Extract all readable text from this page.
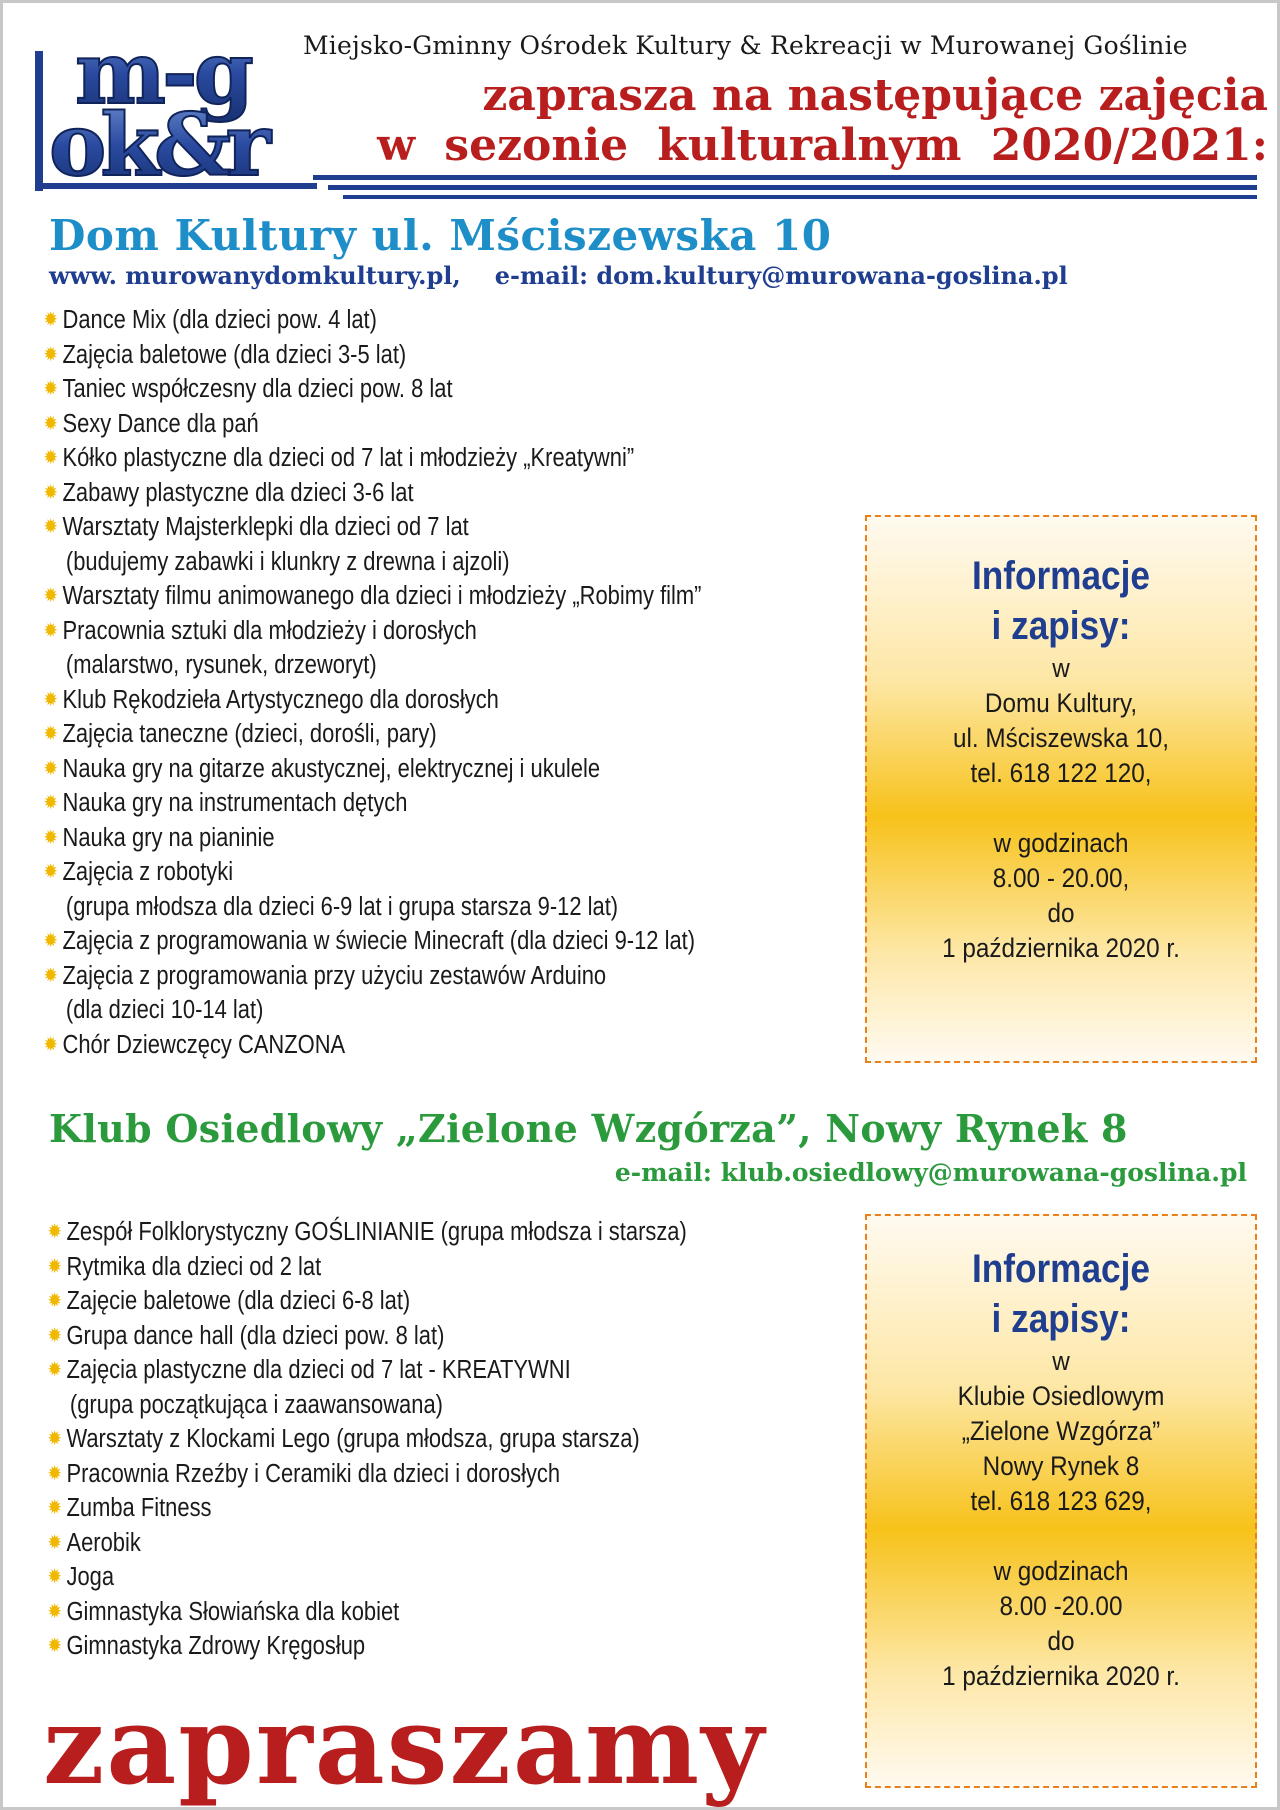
m-g
ok&r
Miejsko-Gminny Ośrodek Kultury & Rekreacji w Murowanej Goślinie
zaprasza na następujące zajęcia
w sezonie kulturalnym 2020/2021:
Dom Kultury ul. Mściszewska 10
www. murowanydomkultury.pl, e-mail: dom.kultury@murowana-goslina.pl
✹ Dance Mix (dla dzieci pow. 4 lat)
✹ Zajęcia baletowe (dla dzieci 3-5 lat)
✹ Taniec współczesny dla dzieci pow. 8 lat
✹ Sexy Dance dla pań
✹ Kółko plastyczne dla dzieci od 7 lat i młodzieży „Kreatywni”
✹ Zabawy plastyczne dla dzieci 3-6 lat
✹ Warsztaty Majsterklepki dla dzieci od 7 lat
(budujemy zabawki i klunkry z drewna i ajzoli)
✹ Warsztaty filmu animowanego dla dzieci i młodzieży „Robimy film”
✹ Pracownia sztuki dla młodzieży i dorosłych
(malarstwo, rysunek, drzeworyt)
✹ Klub Rękodzieła Artystycznego dla dorosłych
✹ Zajęcia taneczne (dzieci, dorośli, pary)
✹ Nauka gry na gitarze akustycznej, elektrycznej i ukulele
✹ Nauka gry na instrumentach dętych
✹ Nauka gry na pianinie
✹ Zajęcia z robotyki
(grupa młodsza dla dzieci 6-9 lat i grupa starsza 9-12 lat)
✹ Zajęcia z programowania w świecie Minecraft (dla dzieci 9-12 lat)
✹ Zajęcia z programowania przy użyciu zestawów Arduino
(dla dzieci 10-14 lat)
✹ Chór Dziewczęcy CANZONA
Informacje
i zapisy:
w
Domu Kultury,
ul. Mściszewska 10,
tel. 618 122 120,

w godzinach
8.00 - 20.00,
do
1 października 2020 r.
Klub Osiedlowy „Zielone Wzgórza”, Nowy Rynek 8
e-mail: klub.osiedlowy@murowana-goslina.pl
✹ Zespół Folklorystyczny GOŚLINIANIE (grupa młodsza i starsza)
✹ Rytmika dla dzieci od 2 lat
✹ Zajęcie baletowe (dla dzieci 6-8 lat)
✹ Grupa dance hall (dla dzieci pow. 8 lat)
✹ Zajęcia plastyczne dla dzieci od 7 lat - KREATYWNI
(grupa początkująca i zaawansowana)
✹ Warsztaty z Klockami Lego (grupa młodsza, grupa starsza)
✹ Pracownia Rzeźby i Ceramiki dla dzieci i dorosłych
✹ Zumba Fitness
✹ Aerobik
✹ Joga
✹ Gimnastyka Słowiańska dla kobiet
✹ Gimnastyka Zdrowy Kręgosłup
Informacje
i zapisy:
w
Klubie Osiedlowym
„Zielone Wzgórza”
Nowy Rynek 8
tel. 618 123 629,

w godzinach
8.00 -20.00
do
1 października 2020 r.
zapraszamy
